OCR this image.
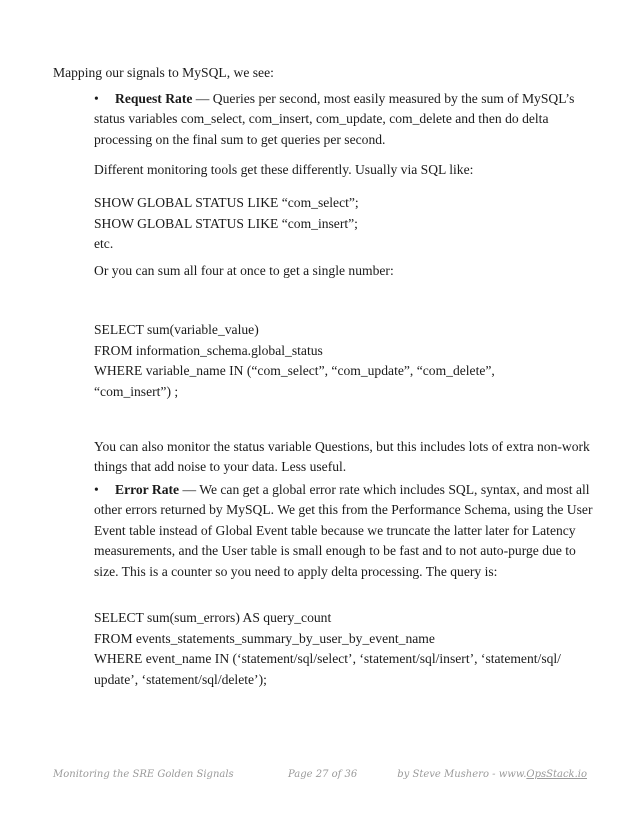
Mapping our signals to MySQL, we see:
• Request Rate — Queries per second, most easily measured by the sum of MySQL’s status variables com_select, com_insert, com_update, com_delete and then do delta processing on the final sum to get queries per second.
Different monitoring tools get these differently. Usually via SQL like:
SHOW GLOBAL STATUS LIKE “com_select”;
SHOW GLOBAL STATUS LIKE “com_insert”;
etc.
Or you can sum all four at once to get a single number:
SELECT sum(variable_value)
FROM information_schema.global_status
WHERE variable_name IN (“com_select”, “com_update”, “com_delete”,
“com_insert”) ;
You can also monitor the status variable Questions, but this includes lots of extra non-work things that add noise to your data. Less useful.
• Error Rate — We can get a global error rate which includes SQL, syntax, and most all other errors returned by MySQL. We get this from the Performance Schema, using the User Event table instead of Global Event table because we truncate the latter later for Latency measurements, and the User table is small enough to be fast and to not auto-purge due to size. This is a counter so you need to apply delta processing. The query is:
SELECT sum(sum_errors) AS query_count
FROM events_statements_summary_by_user_by_event_name
WHERE event_name IN (‘statement/sql/select’, ‘statement/sql/insert’, ‘statement/sql/
update’, ‘statement/sql/delete’);
Monitoring the SRE Golden Signals	Page 27 of 36	by Steve Mushero - www.OpsStack.io
